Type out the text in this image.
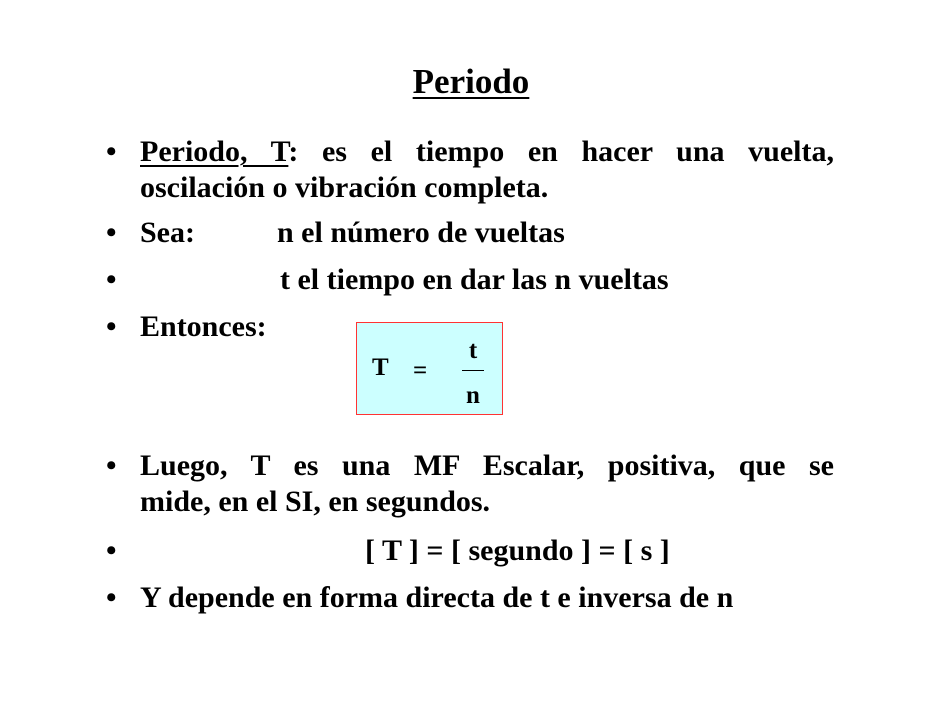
Periodo
• Periodo, T: es el tiempo en hacer una vuelta,
oscilación o vibración completa.
• Sea:	n el número de vueltas
•	t el tiempo en dar las n vueltas
• Entonces:
T =
t
n
• Luego, T es una MF Escalar, positiva, que se
mide, en el SI, en segundos.
•	[ T ] = [ segundo ] = [ s ]
• Y depende en forma directa de t e inversa de n
